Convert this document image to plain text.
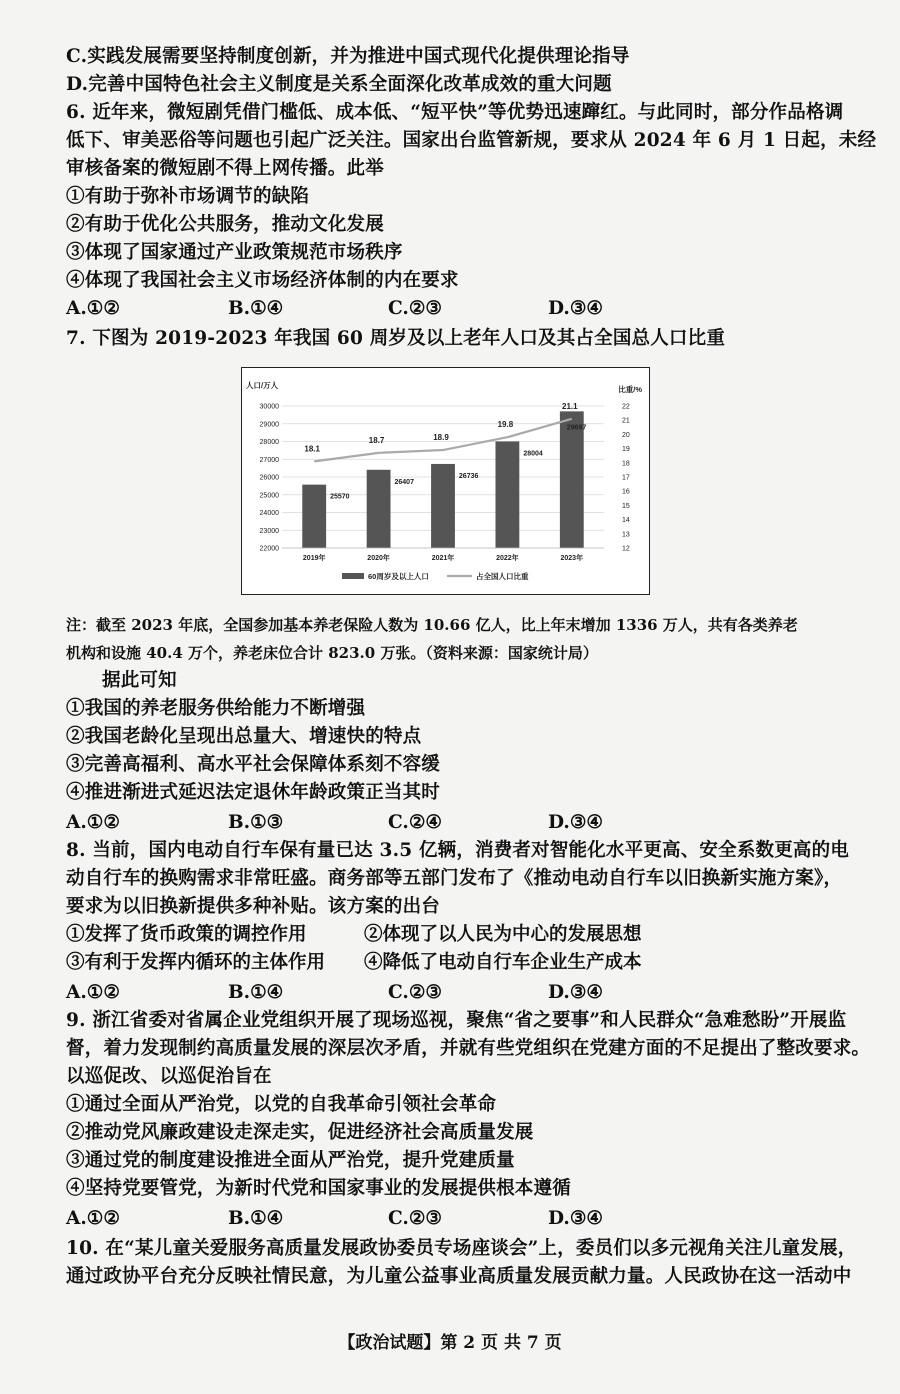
C.实践发展需要坚持制度创新，并为推进中国式现代化提供理论指导
D.完善中国特色社会主义制度是关系全面深化改革成效的重大问题
6. 近年来，微短剧凭借门槛低、成本低、“短平快”等优势迅速蹿红。与此同时，部分作品格调
低下、审美恶俗等问题也引起广泛关注。国家出台监管新规，要求从 2024 年 6 月 1 日起，未经
审核备案的微短剧不得上网传播。此举
①有助于弥补市场调节的缺陷
②有助于优化公共服务，推动文化发展
③体现了国家通过产业政策规范市场秩序
④体现了我国社会主义市场经济体制的内在要求
A.①②	B.①④	C.②③	D.③④
7. 下图为 2019-2023 年我国 60 周岁及以上老年人口及其占全国总人口比重
人口/万人	比重/%
22000
23000
24000
25000
26000
27000
28000
29000
30000
12
13
14
15
16
17
18
19
20
21
22
25570
2019年
26407
2020年
26736
2021年
28004
2022年
29697
2023年
18.1
18.7	18.9
19.8
21.1
60周岁及以上人口	占全国人口比重
注：截至 2023 年底，全国参加基本养老保险人数为 10.66 亿人，比上年末增加 1336 万人，共有各类养老
机构和设施 40.4 万个，养老床位合计 823.0 万张。（资料来源：国家统计局）
据此可知
①我国的养老服务供给能力不断增强
②我国老龄化呈现出总量大、增速快的特点
③完善高福利、高水平社会保障体系刻不容缓
④推进渐进式延迟法定退休年龄政策正当其时
A.①②	B.①③	C.②④	D.③④
8. 当前，国内电动自行车保有量已达 3.5 亿辆，消费者对智能化水平更高、安全系数更高的电
动自行车的换购需求非常旺盛。商务部等五部门发布了《推动电动自行车以旧换新实施方案》，
要求为以旧换新提供多种补贴。该方案的出台
①发挥了货币政策的调控作用	②体现了以人民为中心的发展思想
③有利于发挥内循环的主体作用 ④降低了电动自行车企业生产成本
A.①②	B.①④	C.②③	D.③④
9. 浙江省委对省属企业党组织开展了现场巡视，聚焦“省之要事”和人民群众“急难愁盼”开展监
督，着力发现制约高质量发展的深层次矛盾，并就有些党组织在党建方面的不足提出了整改要求。
以巡促改、以巡促治旨在
①通过全面从严治党，以党的自我革命引领社会革命
②推动党风廉政建设走深走实，促进经济社会高质量发展
③通过党的制度建设推进全面从严治党，提升党建质量
④坚持党要管党，为新时代党和国家事业的发展提供根本遵循
A.①②	B.①④	C.②③	D.③④
10. 在“某儿童关爱服务高质量发展政协委员专场座谈会”上，委员们以多元视角关注儿童发展，
通过政协平台充分反映社情民意，为儿童公益事业高质量发展贡献力量。人民政协在这一活动中
【政治试题】第 2 页 共 7 页
